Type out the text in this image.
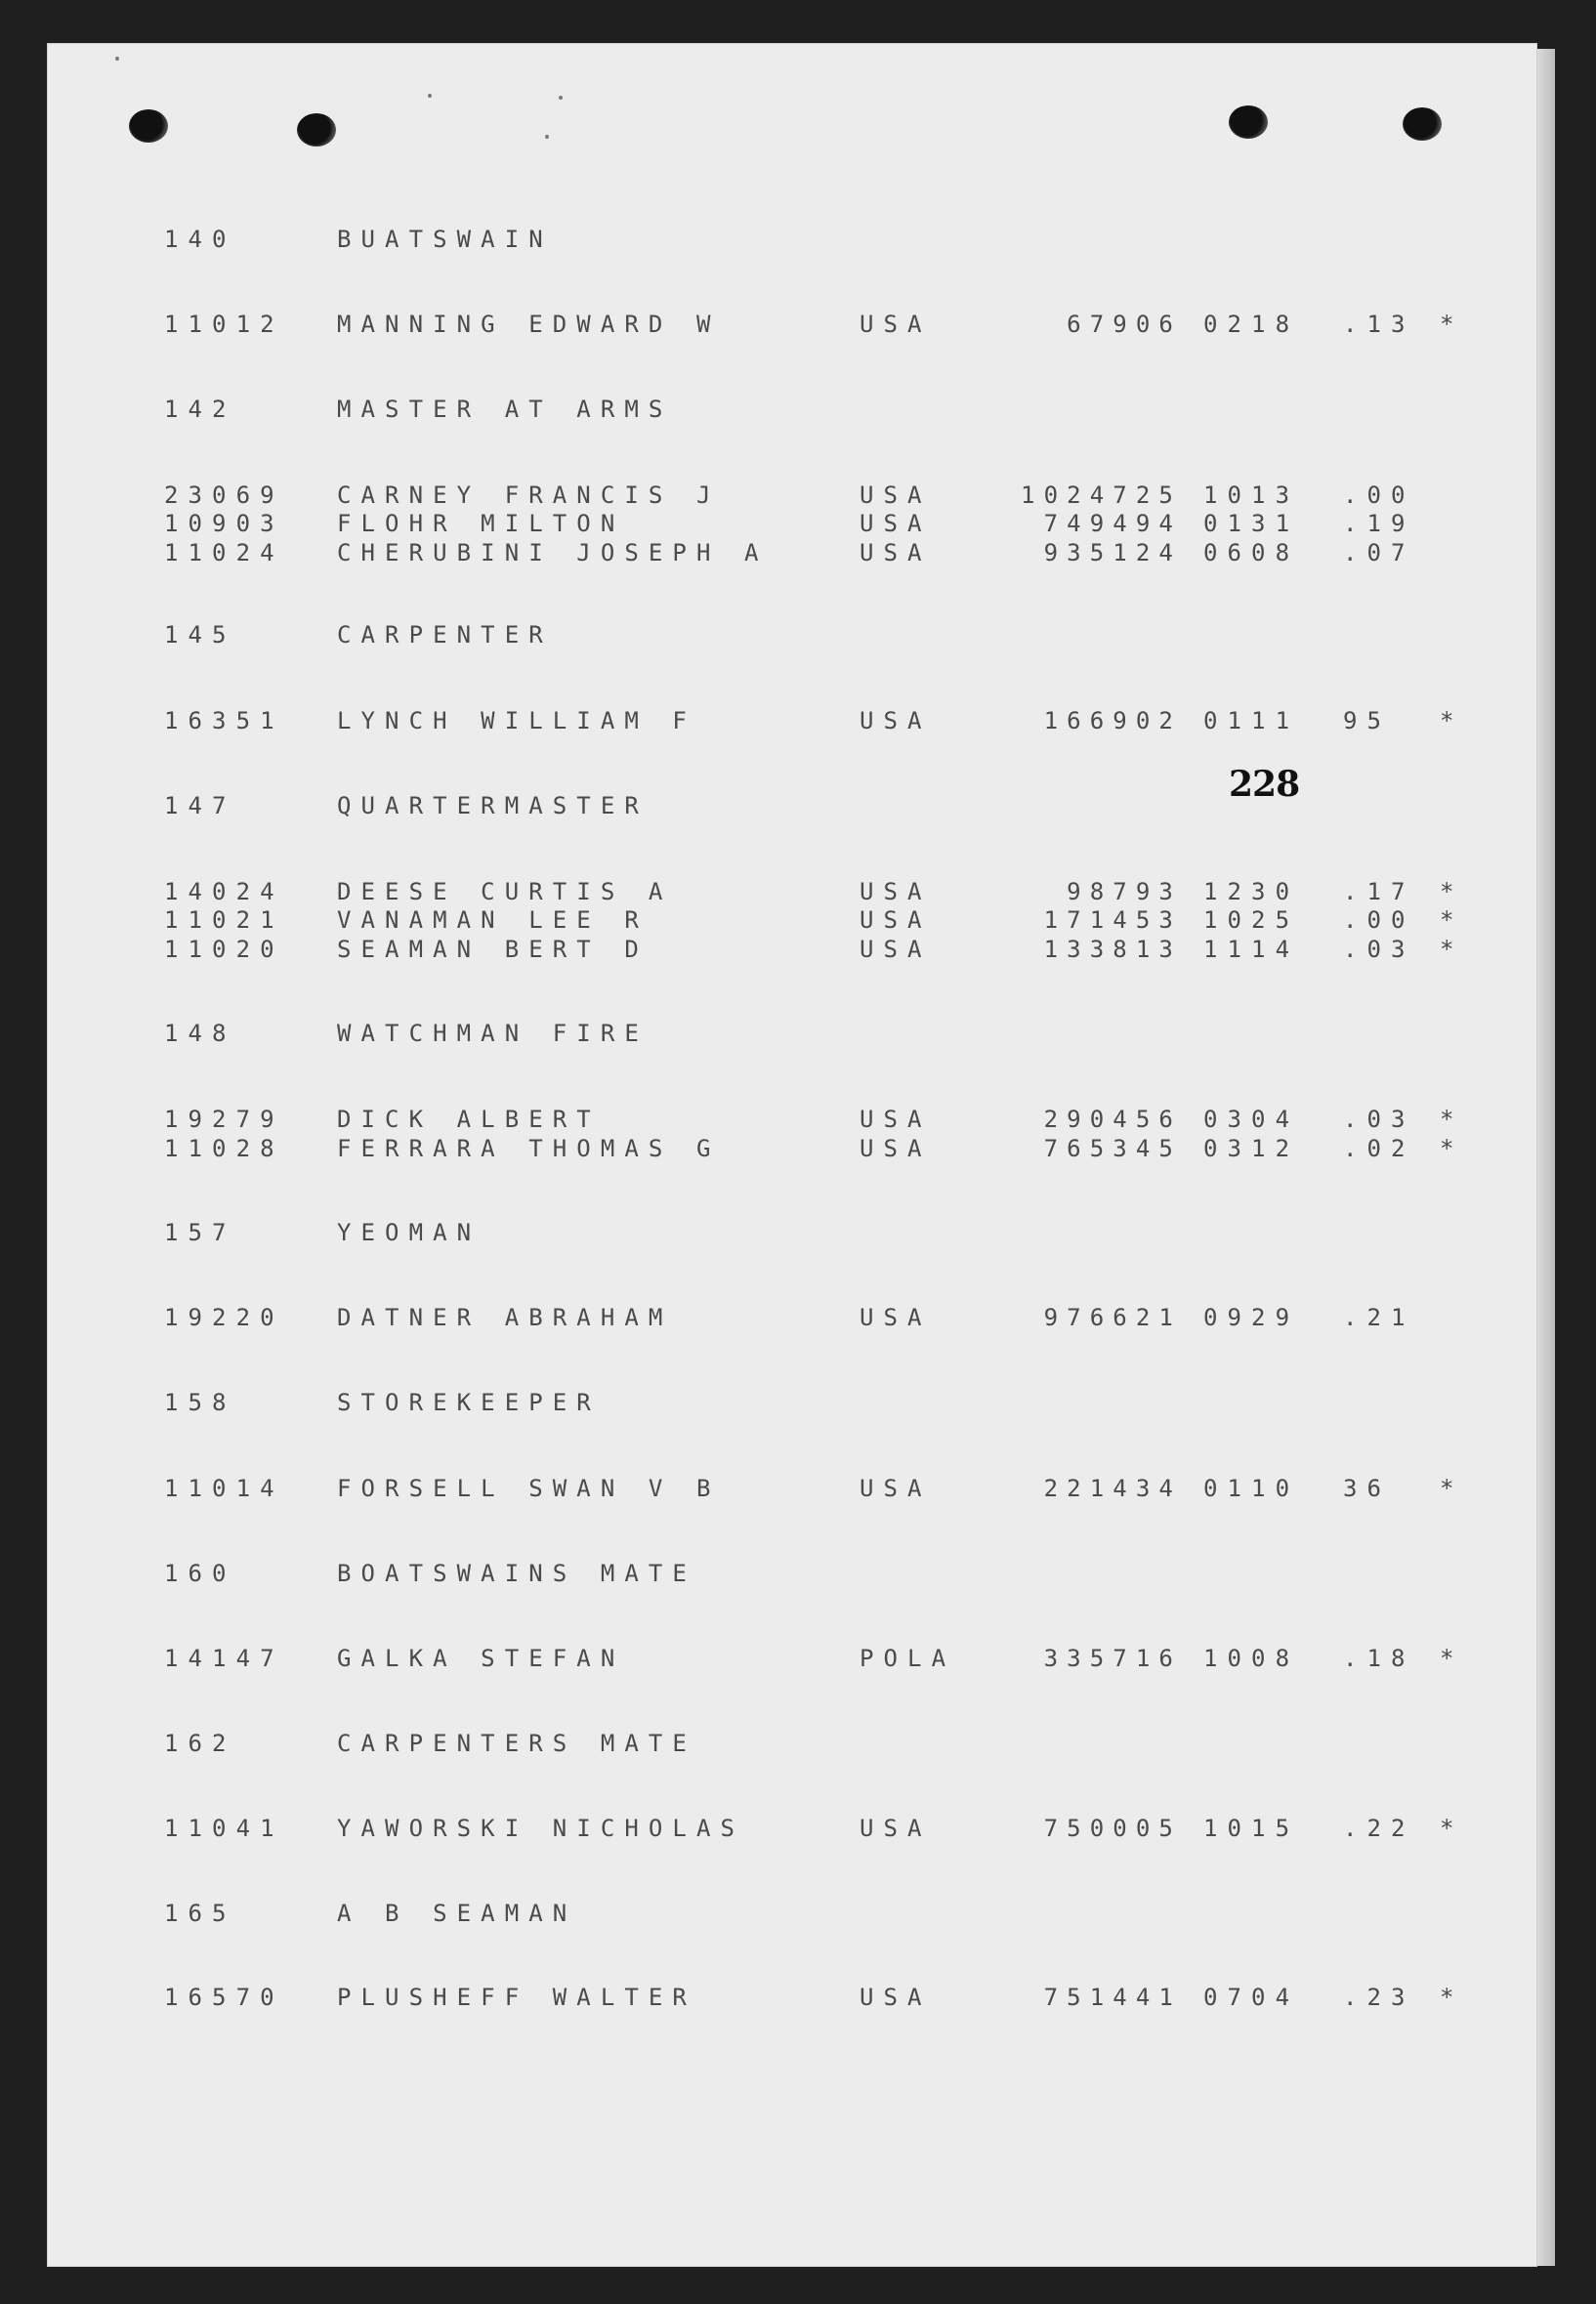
228
140	BUATSWAIN
11012 MANNING EDWARD W	USA	67906 0218 .13 *
142	MASTER AT ARMS
23069 CARNEY FRANCIS J	USA	1024725 1013 .00
10903 FLOHR MILTON	USA	749494 0131 .19
11024 CHERUBINI JOSEPH A	USA	935124 0608 .07
145	CARPENTER
16351 LYNCH WILLIAM F	USA	166902 0111 95 *
147	QUARTERMASTER
14024 DEESE CURTIS A	USA	98793 1230 .17 *
11021 VANAMAN LEE R	USA	171453 1025 .00 *
11020 SEAMAN BERT D	USA	133813 1114 .03 *
148	WATCHMAN FIRE
19279 DICK ALBERT	USA	290456 0304 .03 *
11028 FERRARA THOMAS G	USA	765345 0312 .02 *
157	YEOMAN
19220 DATNER ABRAHAM	USA	976621 0929 .21
158	STOREKEEPER
11014 FORSELL SWAN V B	USA	221434 0110 36 *
160	BOATSWAINS MATE
14147 GALKA STEFAN	POLA	335716 1008 .18 *
162	CARPENTERS MATE
11041 YAWORSKI NICHOLAS	USA	750005 1015 .22 *
165	A B SEAMAN
16570 PLUSHEFF WALTER	USA	751441 0704 .23 *
